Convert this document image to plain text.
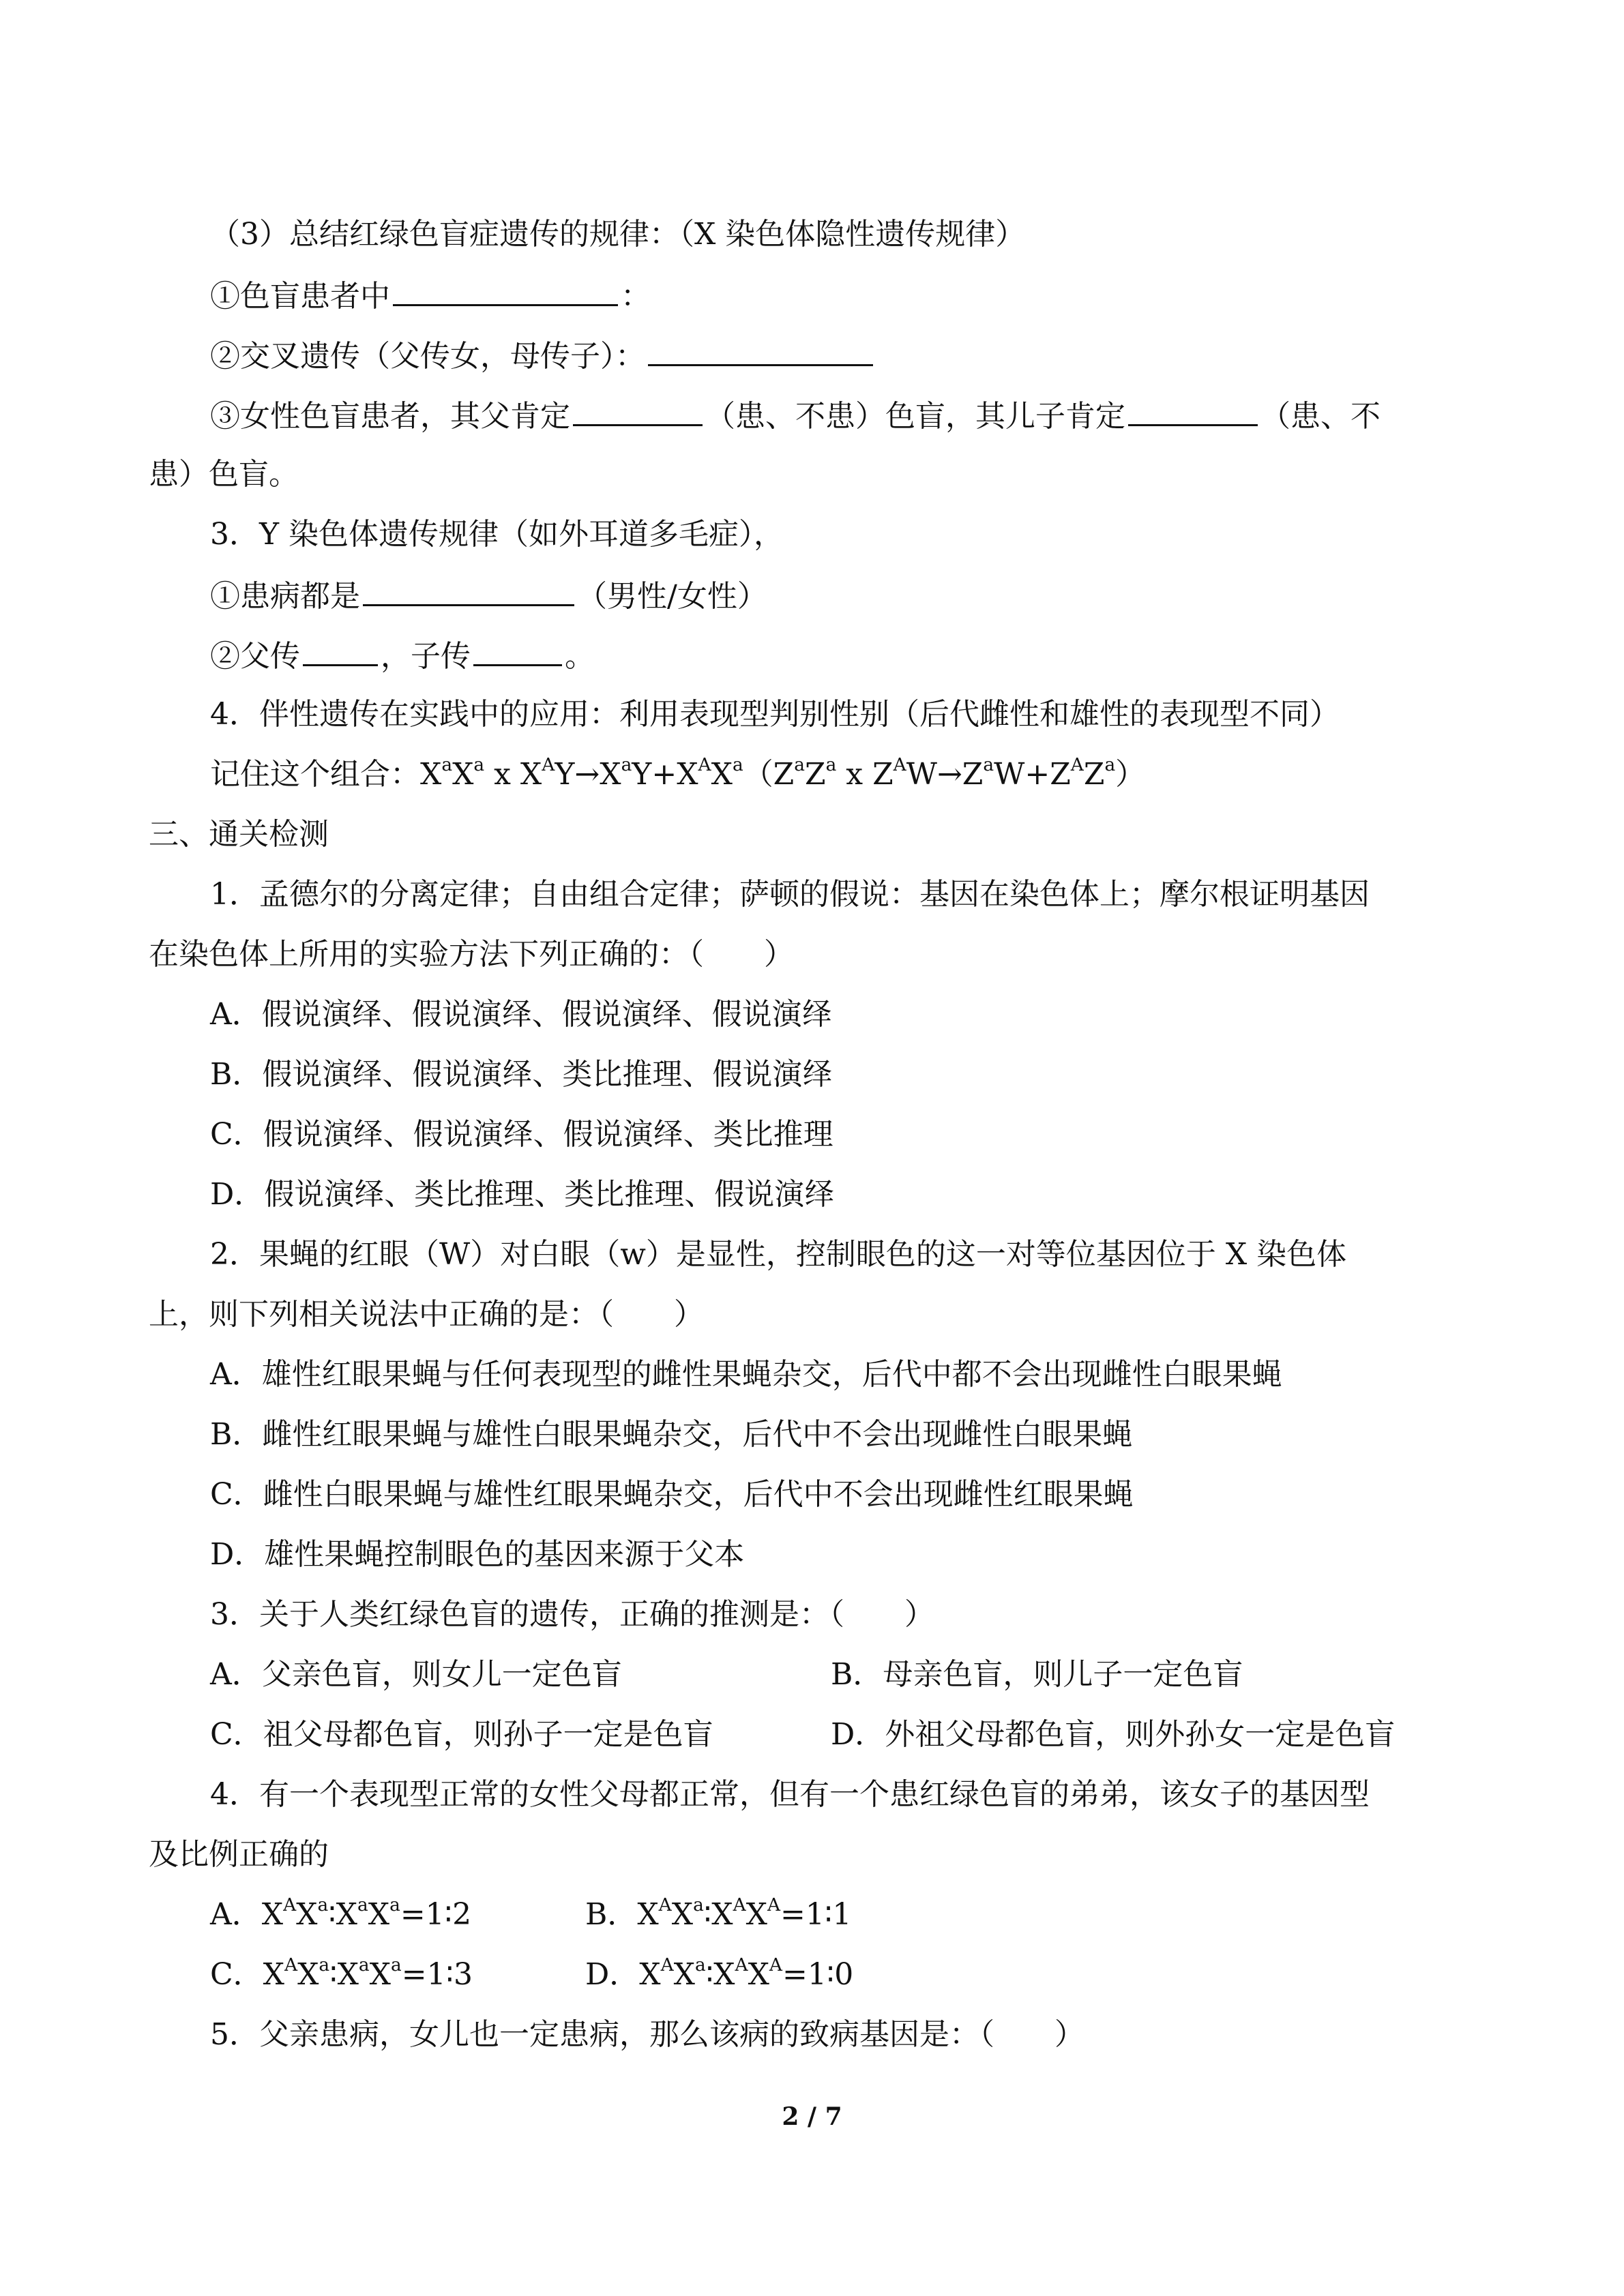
（3）总结红绿色盲症遗传的规律：（X 染色体隐性遗传规律）
①色盲患者中	：
②交叉遗传（父传女，母传子）：
③女性色盲患者，其父肯定	（患、不患）色盲，其儿子肯定	（患、不
患）色盲。
3．Y 染色体遗传规律（如外耳道多毛症），
①患病都是	（男性/女性）
②父传	，子传	。
4．伴性遗传在实践中的应用：利用表现型判别性别（后代雌性和雄性的表现型不同）
记住这个组合：$X^aX^a$ x $X^AY\to X^aY+X^AX^a(Z^aZ^a$ x $Z^AW\to Z^aW+Z^AZ^a$）
三、通关检测
1．孟德尔的分离定律；自由组合定律；萨顿的假说：基因在染色体上；摩尔根证明基因
在染色体上所用的实验方法下列正确的：（　　）
A．假说演绎、假说演绎、假说演绎、假说演绎
B．假说演绎、假说演绎、类比推理、假说演绎
C．假说演绎、假说演绎、假说演绎、类比推理
D．假说演绎、类比推理、类比推理、假说演绎
2．果蝇的红眼（W）对白眼（w）是显性，控制眼色的这一对等位基因位于 X 染色体
上，则下列相关说法中正确的是：（　　）
A．雄性红眼果蝇与任何表现型的雌性果蝇杂交，后代中都不会出现雌性白眼果蝇
B．雌性红眼果蝇与雄性白眼果蝇杂交，后代中不会出现雌性白眼果蝇
C．雌性白眼果蝇与雄性红眼果蝇杂交，后代中不会出现雌性红眼果蝇
D．雄性果蝇控制眼色的基因来源于父本
3．关于人类红绿色盲的遗传，正确的推测是：（　　）
A．父亲色盲，则女儿一定色盲	B．母亲色盲，则儿子一定色盲
C．祖父母都色盲，则孙子一定是色盲	D．外祖父母都色盲，则外孙女一定是色盲
4．有一个表现型正常的女性父母都正常，但有一个患红绿色盲的弟弟，该女子的基因型
及比例正确的
A．$X^AX^a∶X^aX^a=1∶2$	B．$X^AX^a∶X^AX^A=1∶1$
C．$X^AX^a∶X^aX^a=1∶3$	D．$X^AX^a∶X^AX^A=1∶0$
5．父亲患病，女儿也一定患病，那么该病的致病基因是：（　　）
2 / 7
